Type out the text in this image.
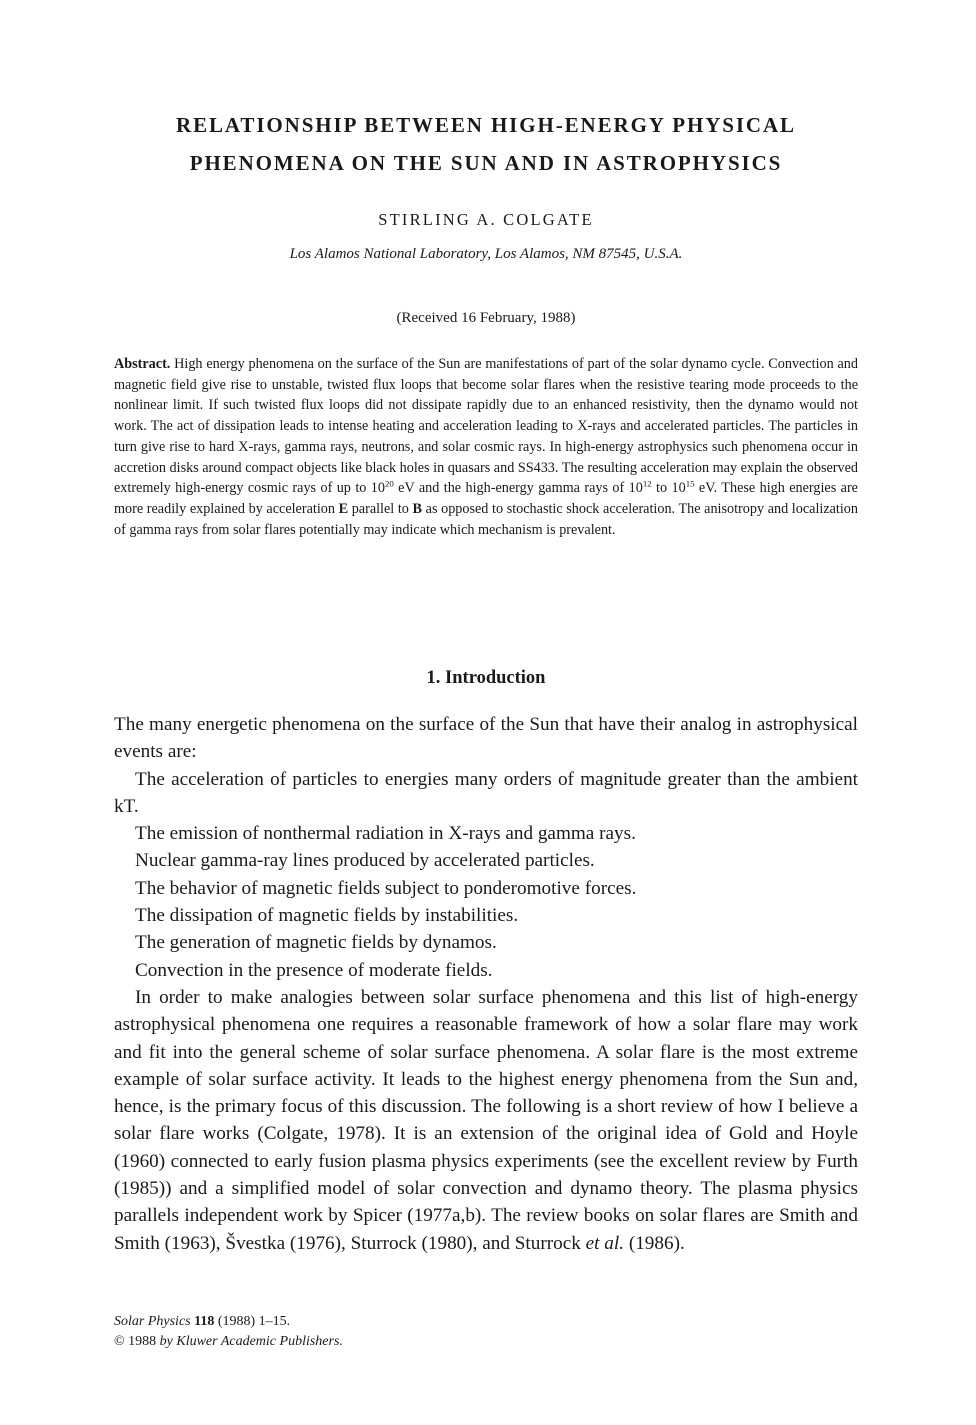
RELATIONSHIP BETWEEN HIGH-ENERGY PHYSICAL
PHENOMENA ON THE SUN AND IN ASTROPHYSICS
STIRLING A. COLGATE
Los Alamos National Laboratory, Los Alamos, NM 87545, U.S.A.
(Received 16 February, 1988)
Abstract. High energy phenomena on the surface of the Sun are manifestations of part of the solar dynamo cycle. Convection and magnetic field give rise to unstable, twisted flux loops that become solar flares when the resistive tearing mode proceeds to the nonlinear limit. If such twisted flux loops did not dissipate rapidly due to an enhanced resistivity, then the dynamo would not work. The act of dissipation leads to intense heating and acceleration leading to X-rays and accelerated particles. The particles in turn give rise to hard X-rays, gamma rays, neutrons, and solar cosmic rays. In high-energy astrophysics such phenomena occur in accretion disks around compact objects like black holes in quasars and SS433. The resulting acceleration may explain the observed extremely high-energy cosmic rays of up to $10^{20}$ eV and the high-energy gamma rays of $10^{12}$ to $10^{15}$ eV. These high energies are more readily explained by acceleration E parallel to B as opposed to stochastic shock acceleration. The anisotropy and localization of gamma rays from solar flares potentially may indicate which mechanism is prevalent.
1. Introduction

The many energetic phenomena on the surface of the Sun that have their analog in astrophysical events are:

The acceleration of particles to energies many orders of magnitude greater than the ambient kT.

The emission of nonthermal radiation in X-rays and gamma rays.

Nuclear gamma-ray lines produced by accelerated particles.

The behavior of magnetic fields subject to ponderomotive forces.

The dissipation of magnetic fields by instabilities.

The generation of magnetic fields by dynamos.

Convection in the presence of moderate fields.

In order to make analogies between solar surface phenomena and this list of high-energy astrophysical phenomena one requires a reasonable framework of how a solar flare may work and fit into the general scheme of solar surface phenomena. A solar flare is the most extreme example of solar surface activity. It leads to the highest energy phenomena from the Sun and, hence, is the primary focus of this discussion. The following is a short review of how I believe a solar flare works (Colgate, 1978). It is an extension of the original idea of Gold and Hoyle (1960) connected to early fusion plasma physics experiments (see the excellent review by Furth (1985)) and a simplified model of solar convection and dynamo theory. The plasma physics parallels independent work by Spicer (1977a,b). The review books on solar flares are Smith and Smith (1963), Švestka (1976), Sturrock (1980), and Sturrock et al. (1986).

Solar Physics 118 (1988) 1–15.
© 1988 by Kluwer Academic Publishers.
